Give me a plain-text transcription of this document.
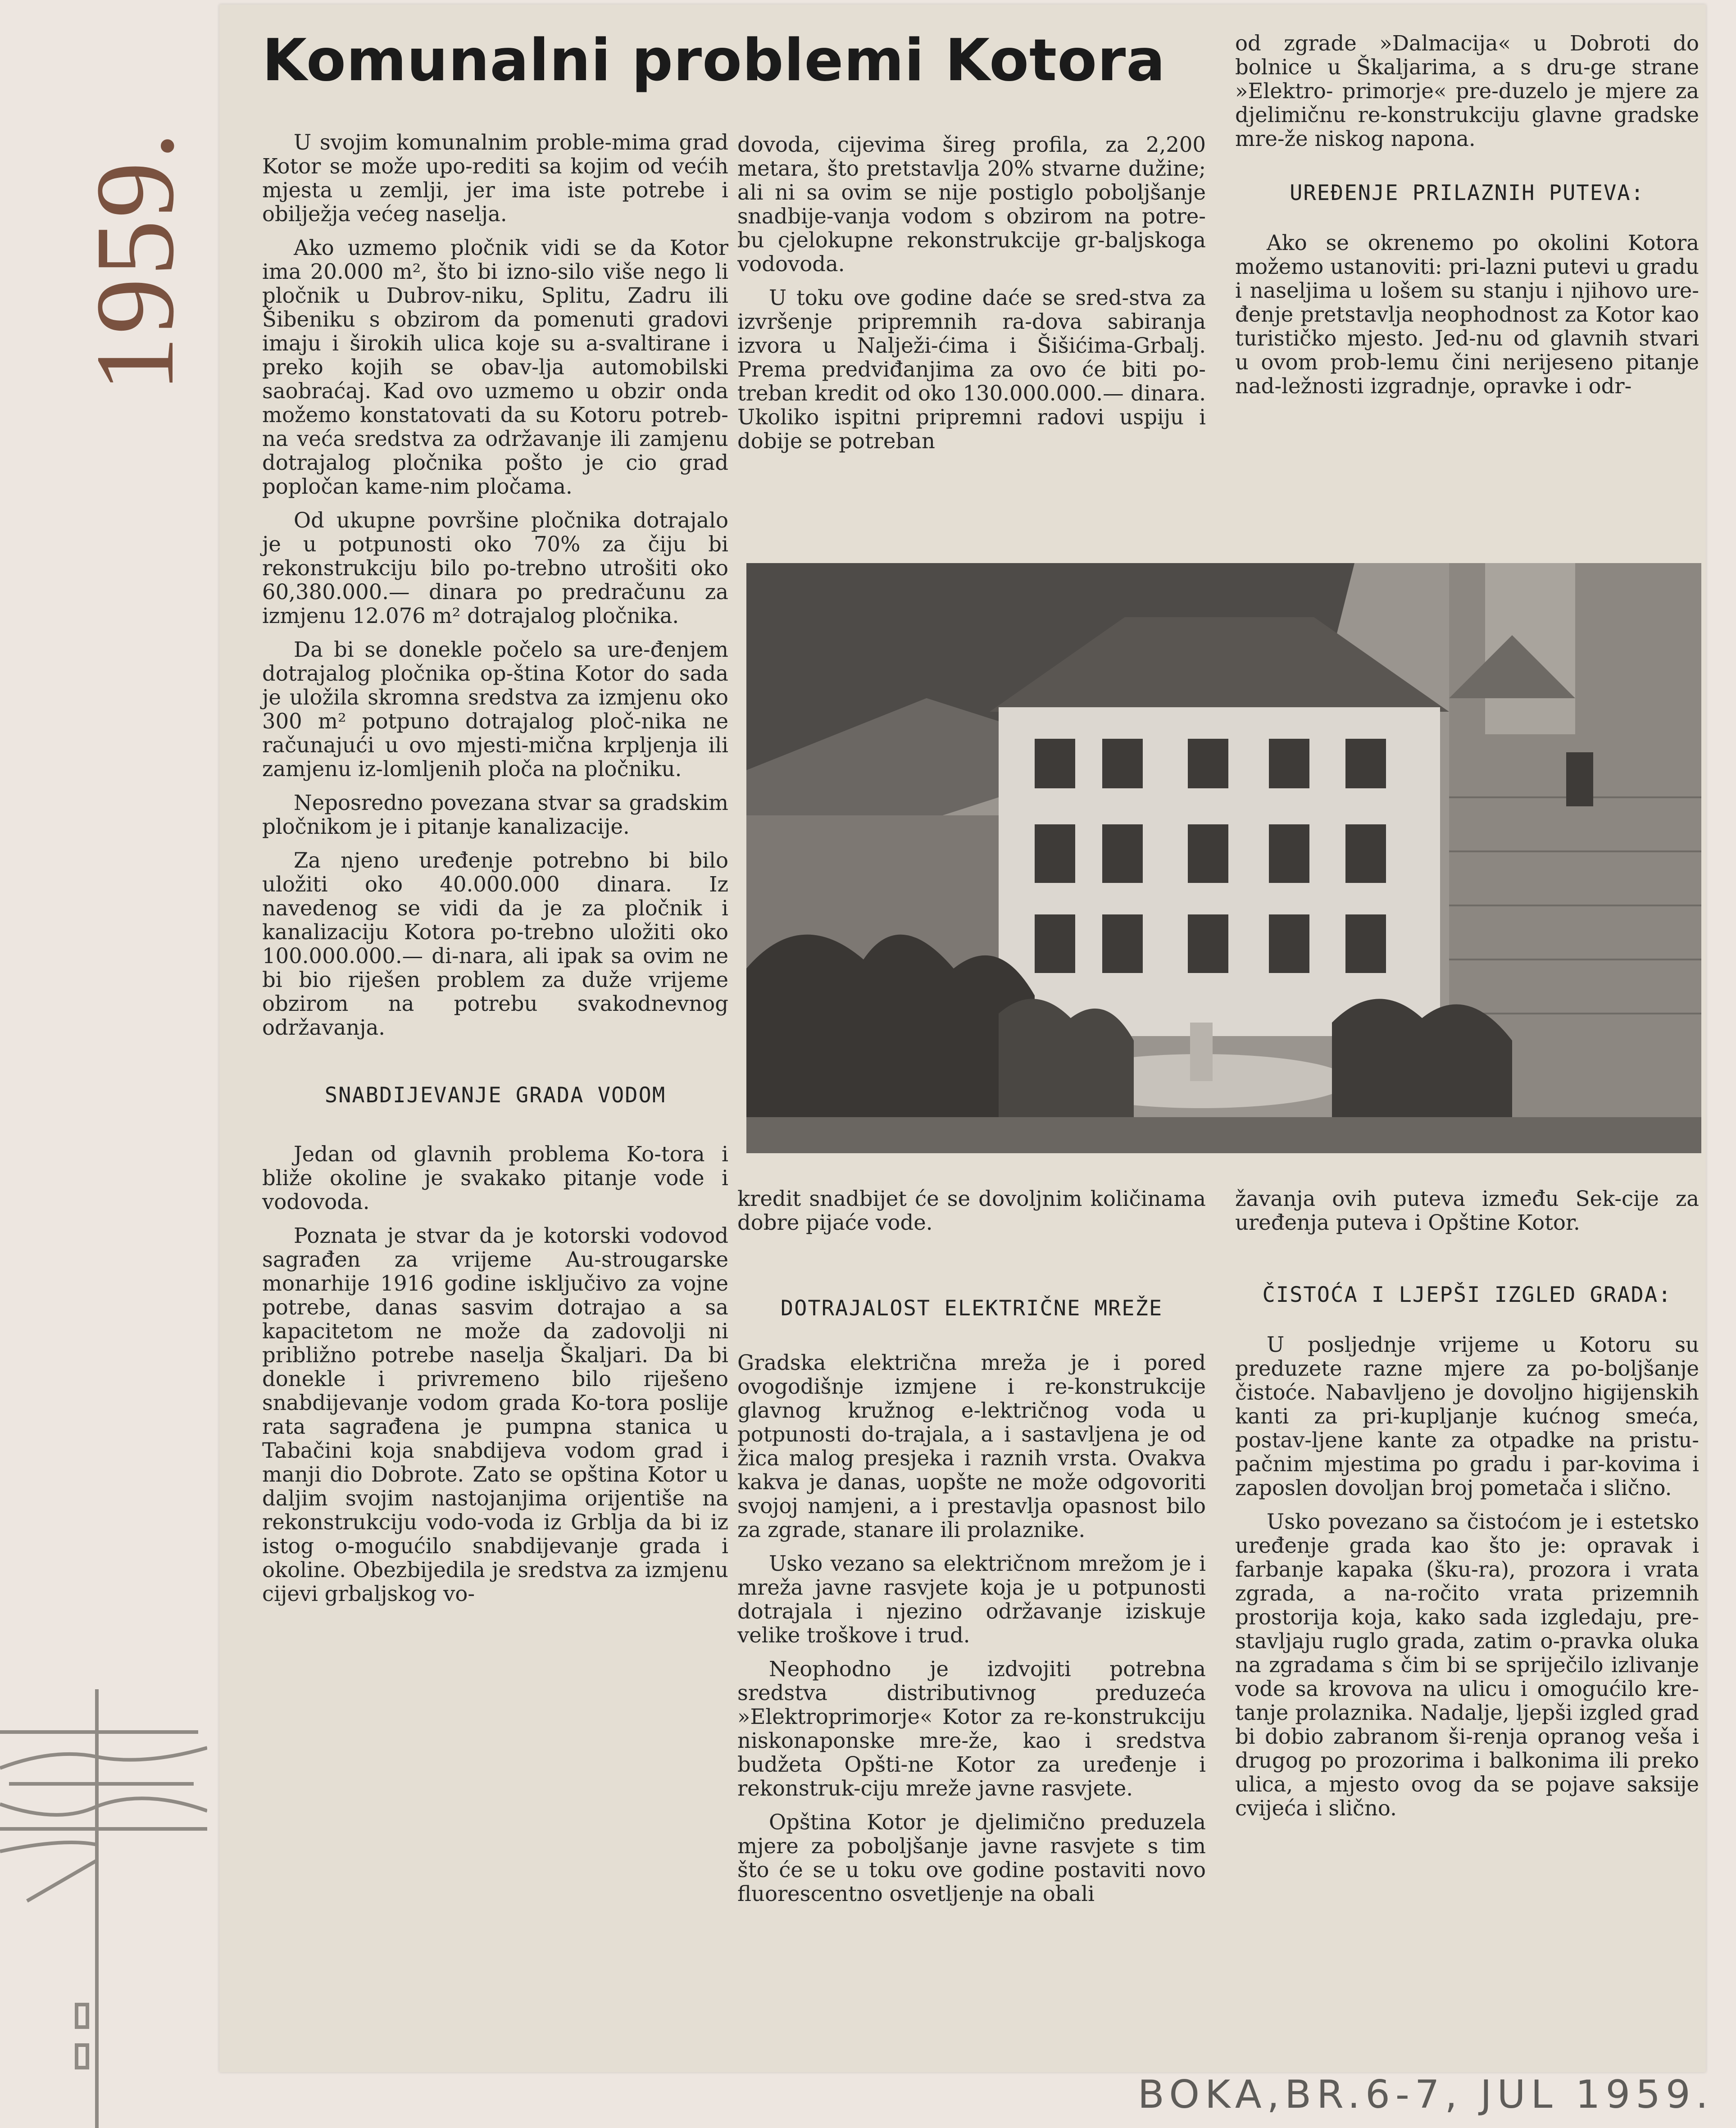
1959.
Komunalni problemi Kotora

U svojim komunalnim proble-mima grad Kotor se može upo-rediti sa kojim od većih mjesta u zemlji, jer ima iste potrebe i obilježja većeg naselja.

Ako uzmemo pločnik vidi se da Kotor ima 20.000 m², što bi izno-silo više nego li pločnik u Dubrov-niku, Splitu, Zadru ili Šibeniku s obzirom da pomenuti gradovi imaju i širokih ulica koje su a-svaltirane i preko kojih se obav-lja automobilski saobraćaj. Kad ovo uzmemo u obzir onda možemo konstatovati da su Kotoru potreb-na veća sredstva za održavanje ili zamjenu dotrajalog pločnika pošto je cio grad popločan kame-nim pločama.

Od ukupne površine pločnika dotrajalo je u potpunosti oko 70% za čiju bi rekonstrukciju bilo po-trebno utrošiti oko 60,380.000.— dinara po predračunu za izmjenu 12.076 m² dotrajalog pločnika.

Da bi se donekle počelo sa ure-đenjem dotrajalog pločnika op-ština Kotor do sada je uložila skromna sredstva za izmjenu oko 300 m² potpuno dotrajalog ploč-nika ne računajući u ovo mjesti-mična krpljenja ili zamjenu iz-lomljenih ploča na pločniku.

Neposredno povezana stvar sa gradskim pločnikom je i pitanje kanalizacije.

Za njeno uređenje potrebno bi bilo uložiti oko 40.000.000 dinara. Iz navedenog se vidi da je za pločnik i kanalizaciju Kotora po-trebno uložiti oko 100.000.000.— di-nara, ali ipak sa ovim ne bi bio riješen problem za duže vrijeme obzirom na potrebu svakodnevnog održavanja.

SNABDIJEVANJE GRADA VODOM

Jedan od glavnih problema Ko-tora i bliže okoline je svakako pitanje vode i vodovoda.

Poznata je stvar da je kotorski vodovod sagrađen za vrijeme Au-strougarske monarhije 1916 godine isključivo za vojne potrebe, danas sasvim dotrajao a sa kapacitetom ne može da zadovolji ni približno potrebe naselja Škaljari. Da bi donekle i privremeno bilo riješeno snabdijevanje vodom grada Ko-tora poslije rata sagrađena je pumpna stanica u Tabačini koja snabdijeva vodom grad i manji dio Dobrote. Zato se opština Kotor u daljim svojim nastojanjima orijentiše na rekonstrukciju vodo-voda iz Grblja da bi iz istog o-mogućilo snabdijevanje grada i okoline. Obezbijedila je sredstva za izmjenu cijevi grbaljskog vo-

dovoda, cijevima šireg profila, za 2,200 metara, što pretstavlja 20% stvarne dužine; ali ni sa ovim se nije postiglo poboljšanje snadbije-vanja vodom s obzirom na potre-bu cjelokupne rekonstrukcije gr-baljskoga vodovoda.

U toku ove godine daće se sred-stva za izvršenje pripremnih ra-dova sabiranja izvora u Nalježi-ćima i Šišićima-Grbalj. Prema predviđanjima za ovo će biti po-treban kredit od oko 130.000.000.— dinara. Ukoliko ispitni pripremni radovi uspiju i dobije se potreban

od zgrade »Dalmacija« u Dobroti do bolnice u Škaljarima, a s dru-ge strane »Elektro- primorje« pre-duzelo je mjere za djelimičnu re-konstrukciju glavne gradske mre-že niskog napona.

UREĐENJE PRILAZNIH PUTEVA:

Ako se okrenemo po okolini Kotora možemo ustanoviti: pri-lazni putevi u gradu i naseljima u lošem su stanju i njihovo ure-đenje pretstavlja neophodnost za Kotor kao turističko mjesto. Jed-nu od glavnih stvari u ovom prob-lemu čini nerijeseno pitanje nad-ležnosti izgradnje, opravke i odr-

kredit snadbijet će se dovoljnim količinama dobre pijaće vode.

DOTRAJALOST ELEKTRIČNE MREŽE

Gradska električna mreža je i pored ovogodišnje izmjene i re-konstrukcije glavnog kružnog e-lektričnog voda u potpunosti do-trajala, a i sastavljena je od žica malog presjeka i raznih vrsta. Ovakva kakva je danas, uopšte ne može odgovoriti svojoj namjeni, a i prestavlja opasnost bilo za zgrade, stanare ili prolaznike.

Usko vezano sa električnom mrežom je i mreža javne rasvjete koja je u potpunosti dotrajala i njezino održavanje iziskuje velike troškove i trud.

Neophodno je izdvojiti potrebna sredstva distributivnog preduzeća »Elektroprimorje« Kotor za re-konstrukciju niskonaponske mre-že, kao i sredstva budžeta Opšti-ne Kotor za uređenje i rekonstruk-ciju mreže javne rasvjete.

Opština Kotor je djelimično preduzela mjere za poboljšanje javne rasvjete s tim što će se u toku ove godine postaviti novo fluorescentno osvetljenje na obali

žavanja ovih puteva između Sek-cije za uređenja puteva i Opštine Kotor.

ČISTOĆA I LJEPŠI IZGLED GRADA:

U posljednje vrijeme u Kotoru su preduzete razne mjere za po-boljšanje čistoće. Nabavljeno je dovoljno higijenskih kanti za pri-kupljanje kućnog smeća, postav-ljene kante za otpadke na pristu-pačnim mjestima po gradu i par-kovima i zaposlen dovoljan broj pometača i slično.

Usko povezano sa čistoćom je i estetsko uređenje grada kao što je: opravak i farbanje kapaka (šku-ra), prozora i vrata zgrada, a na-ročito vrata prizemnih prostorija koja, kako sada izgledaju, pre-stavljaju ruglo grada, zatim o-pravka oluka na zgradama s čim bi se spriječilo izlivanje vode sa krovova na ulicu i omogućilo kre-tanje prolaznika. Nadalje, ljepši izgled grad bi dobio zabranom ši-renja opranog veša i drugog po prozorima i balkonima ili preko ulica, a mjesto ovog da se pojave saksije cvijeća i slično.

BOKA,BR.6-7, JUL 1959.
